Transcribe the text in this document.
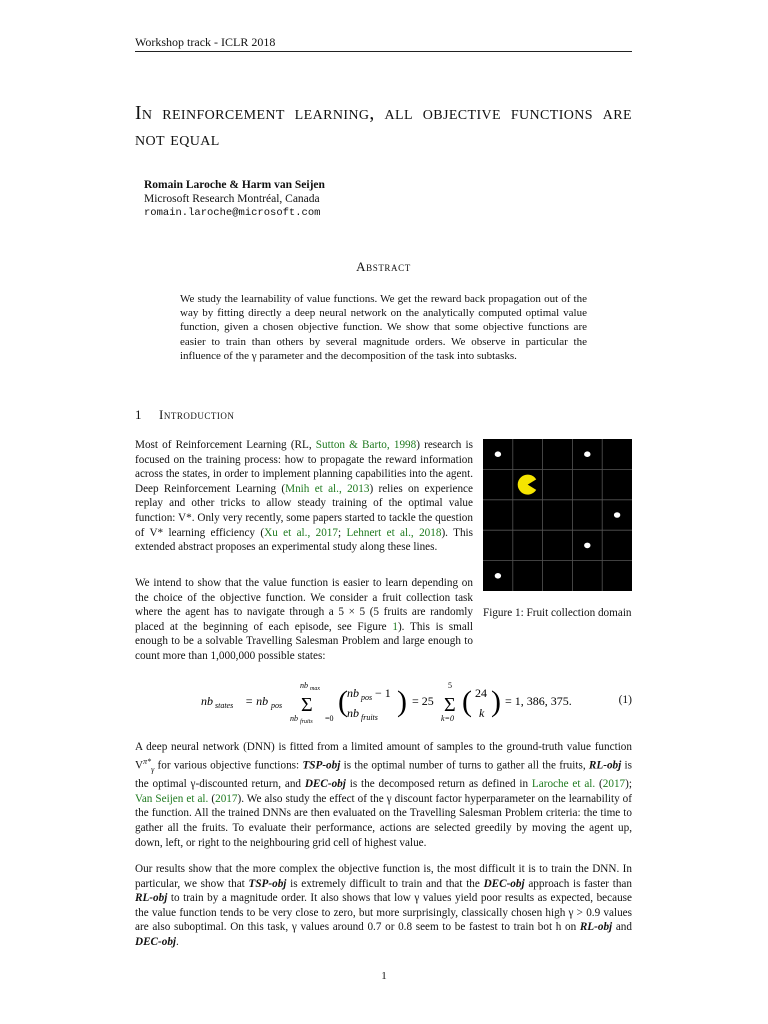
Workshop track - ICLR 2018
In reinforcement learning, all objective functions are not equal
Romain Laroche & Harm van Seijen
Microsoft Research Montréal, Canada
romain.laroche@microsoft.com
Abstract
We study the learnability of value functions. We get the reward back propagation out of the way by fitting directly a deep neural network on the analytically computed optimal value function, given a chosen objective function. We show that some objective functions are easier to train than others by several magnitude orders. We observe in particular the influence of the γ parameter and the decomposition of the task into subtasks.
1 Introduction

Most of Reinforcement Learning (RL, Sutton & Barto, 1998) research is focused on the training process: how to propagate the reward information across the states, in order to implement planning capabilities into the agent. Deep Reinforcement Learning (Mnih et al., 2013) relies on experience replay and other tricks to allow steady training of the optimal value function: V*. Only very recently, some papers started to tackle the question of V* learning efficiency (Xu et al., 2017; Lehnert et al., 2018). This extended abstract proposes an experimental study along these lines.

We intend to show that the value function is easier to learn depending on the choice of the objective function. We consider a fruit collection task where the agent has to navigate through a 5 × 5 (5 fruits are randomly placed at the beginning of each episode, see Figure 1). This is small enough to be a solvable Travelling Salesman Problem and large enough to count more than 1,000,000 possible states:

Figure 1: Fruit collection domain
nb states = nb pos
nb max
Σ
nb fruits =0
( nb pos − 1
nb fruits ) = 25
5
Σ
k=0
( 24
k ) = 1, 386, 375.	(1)

A deep neural network (DNN) is fitted from a limited amount of samples to the ground-truth value function $V^{\pi*}_\gamma$ for various objective functions: TSP-obj is the optimal number of turns to gather all the fruits, RL-obj is the optimal γ-discounted return, and DEC-obj is the decomposed return as defined in Laroche et al. (2017); Van Seijen et al. (2017). We also study the effect of the γ discount factor hyperparameter on the learnability of the function. All the trained DNNs are then evaluated on the Travelling Salesman Problem criteria: the time to gather all the fruits. To evaluate their performance, actions are selected greedily by moving the agent up, down, left, or right to the neighbouring grid cell of highest value.

Our results show that the more complex the objective function is, the most difficult it is to train the DNN. In particular, we show that TSP-obj is extremely difficult to train and that the DEC-obj approach is faster than RL-obj to train by a magnitude order. It also shows that low γ values yield poor results as expected, because the value function tends to be very close to zero, but more surprisingly, classically chosen high γ > 0.9 values are also suboptimal. On this task, γ values around 0.7 or 0.8 seem to be fastest to train bot h on RL-obj and DEC-obj.

1
